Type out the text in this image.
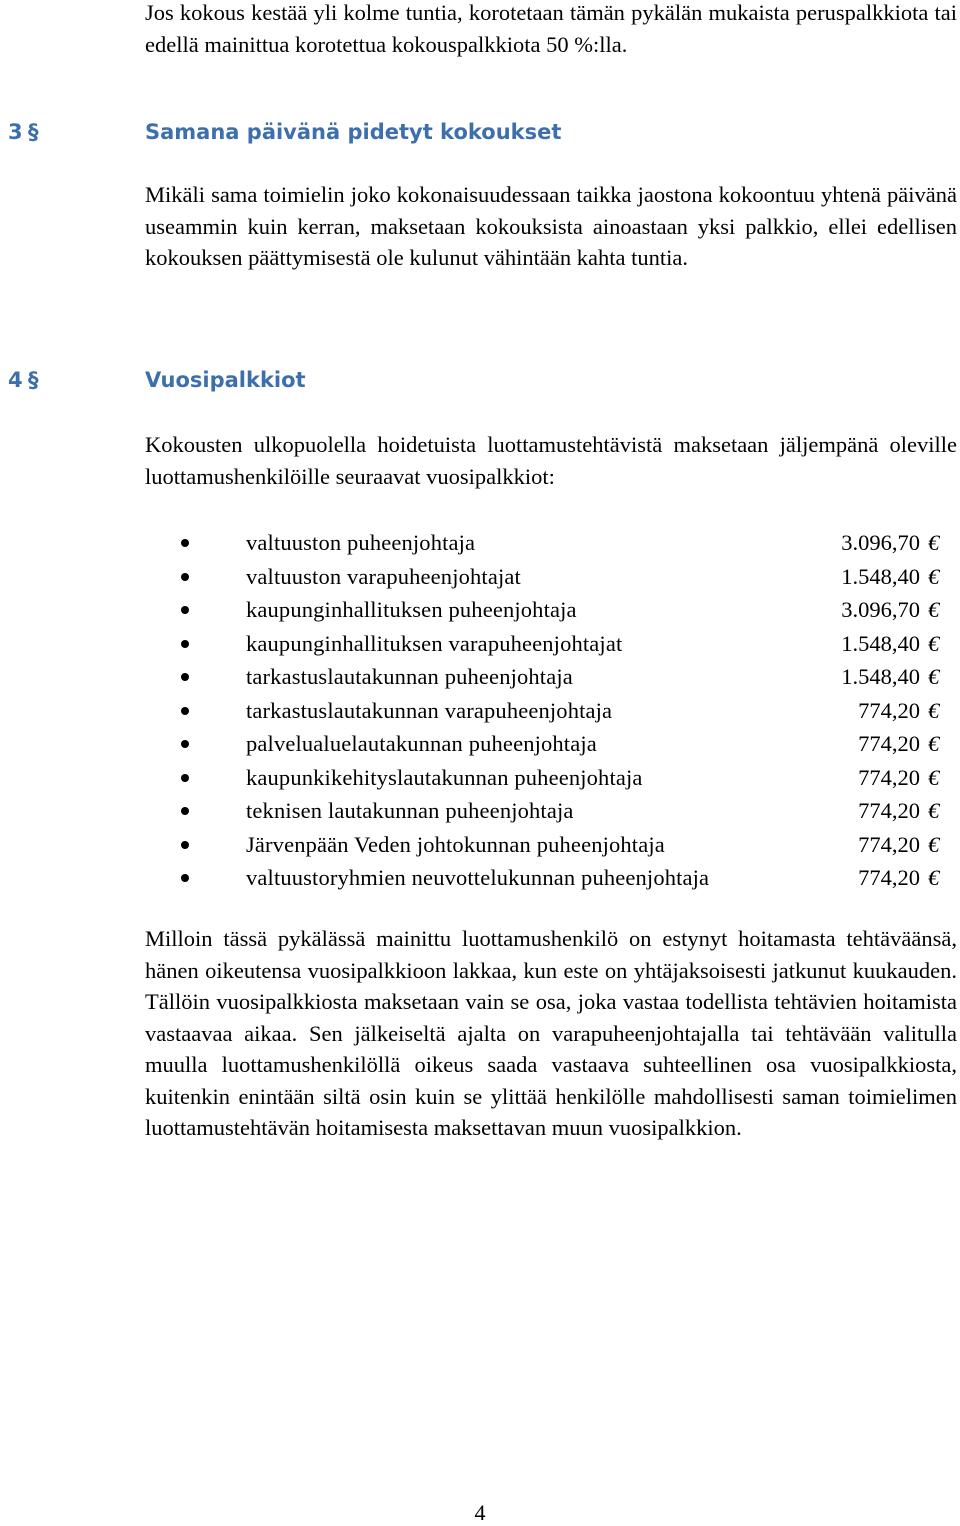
Jos kokous kestää yli kolme tuntia, korotetaan tämän pykälän mukaista peruspalkkiota tai edellä mainittua korotettua kokouspalkkiota 50 %:lla.

3 §	Samana päivänä pidetyt kokoukset

Mikäli sama toimielin joko kokonaisuudessaan taikka jaostona kokoontuu yhtenä päivänä useammin kuin kerran, maksetaan kokouksista ainoastaan yksi palkkio, ellei edellisen kokouksen päättymisestä ole kulunut vähintään kahta tuntia.

4 §	Vuosipalkkiot

Kokousten ulkopuolella hoidetuista luottamustehtävistä maksetaan jäljempänä oleville luottamushenkilöille seuraavat vuosipalkkiot:

valtuuston puheenjohtaja	3.096,70 €
valtuuston varapuheenjohtajat	1.548,40 €
kaupunginhallituksen puheenjohtaja	3.096,70 €
kaupunginhallituksen varapuheenjohtajat	1.548,40 €
tarkastuslautakunnan puheenjohtaja	1.548,40 €
tarkastuslautakunnan varapuheenjohtaja	774,20 €
palvelualuelautakunnan puheenjohtaja	774,20 €
kaupunkikehityslautakunnan puheenjohtaja	774,20 €
teknisen lautakunnan puheenjohtaja	774,20 €
Järvenpään Veden johtokunnan puheenjohtaja	774,20 €
valtuustoryhmien neuvottelukunnan puheenjohtaja	774,20 €

Milloin tässä pykälässä mainittu luottamushenkilö on estynyt hoitamasta tehtäväänsä, hänen oikeutensa vuosipalkkioon lakkaa, kun este on yhtäjaksoisesti jatkunut kuukauden. Tällöin vuosipalkkiosta maksetaan vain se osa, joka vastaa todellista tehtävien hoitamista vastaavaa aikaa. Sen jälkeiseltä ajalta on varapuheenjohtajalla tai tehtävään valitulla muulla luottamushenkilöllä oikeus saada vastaava suhteellinen osa vuosipalkkiosta, kuitenkin enintään siltä osin kuin se ylittää henkilölle mahdollisesti saman toimielimen luottamustehtävän hoitamisesta maksettavan muun vuosipalkkion.

4
